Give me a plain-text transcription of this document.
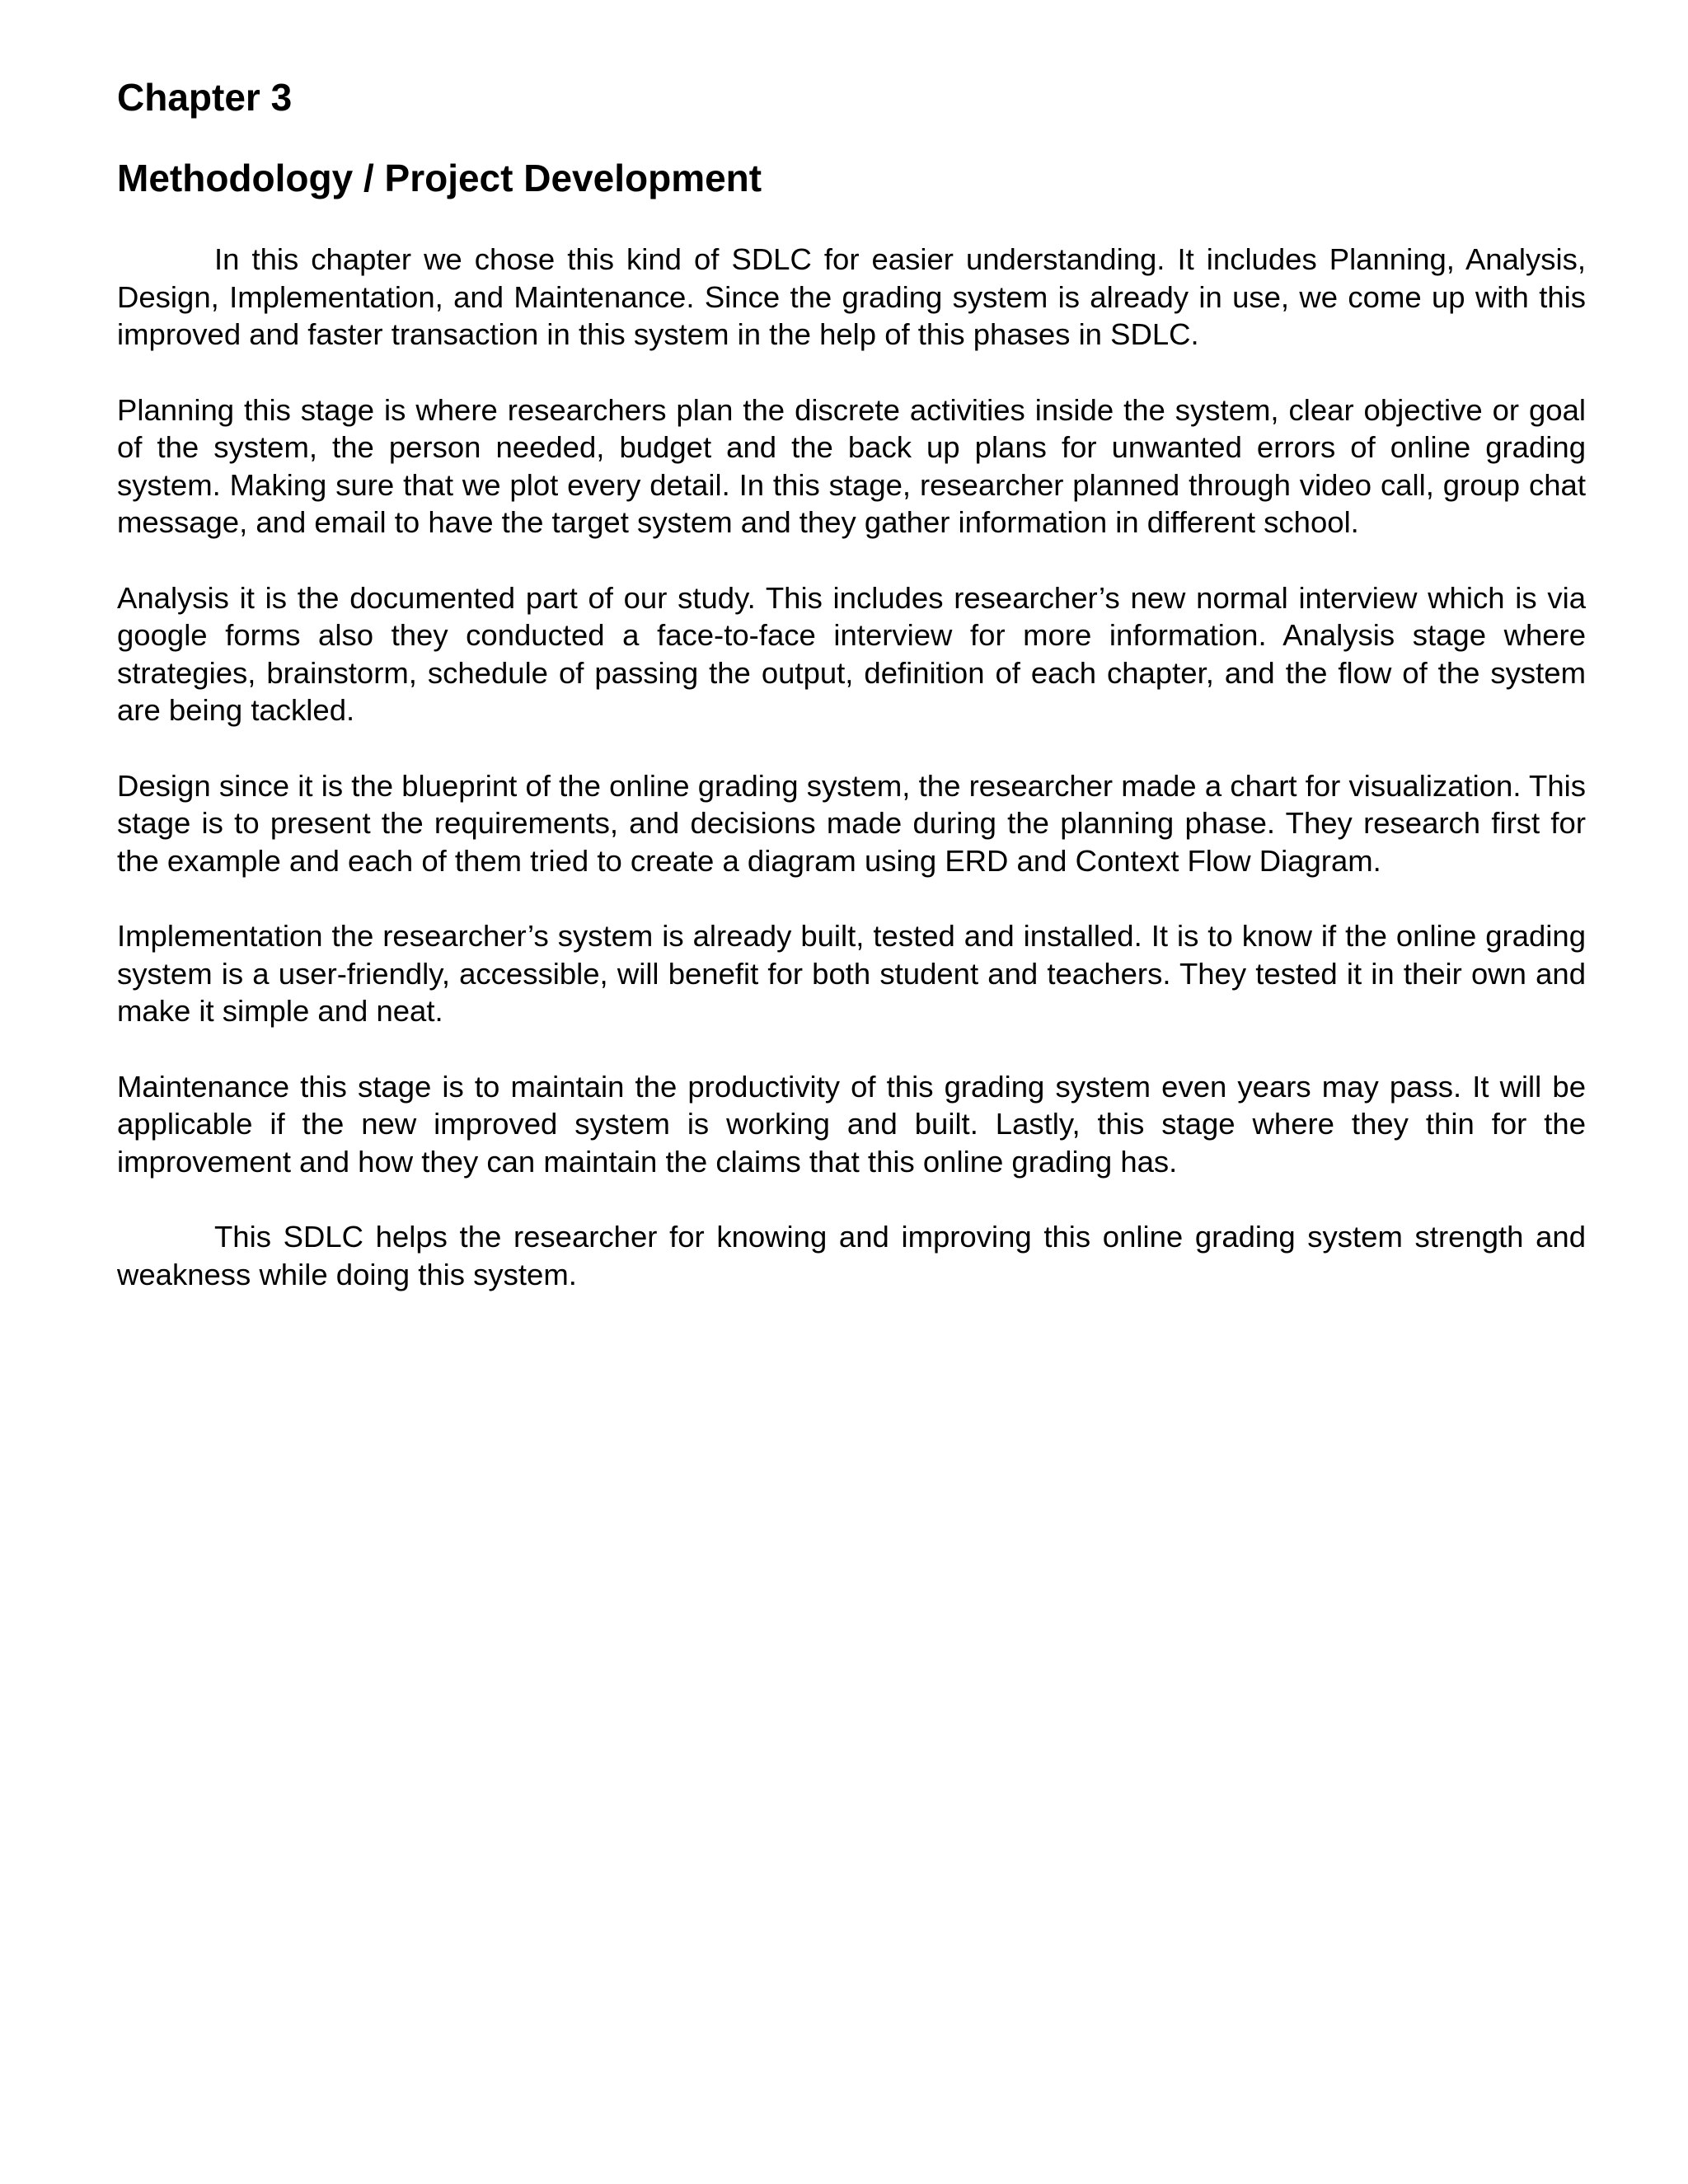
Chapter 3
Methodology / Project Development

In this chapter we chose this kind of SDLC for easier understanding. It includes Planning, Analysis, Design, Implementation, and Maintenance. Since the grading system is already in use, we come up with this improved and faster transaction in this system in the help of this phases in SDLC.

Planning this stage is where researchers plan the discrete activities inside the system, clear objective or goal of the system, the person needed, budget and the back up plans for unwanted errors of online grading system. Making sure that we plot every detail. In this stage, researcher planned through video call, group chat message, and email to have the target system and they gather information in different school.

Analysis it is the documented part of our study. This includes researcher’s new normal interview which is via google forms also they conducted a face-to-face interview for more information. Analysis stage where strategies, brainstorm, schedule of passing the output, definition of each chapter, and the flow of the system are being tackled.

Design since it is the blueprint of the online grading system, the researcher made a chart for visualization. This stage is to present the requirements, and decisions made during the planning phase. They research first for the example and each of them tried to create a diagram using ERD and Context Flow Diagram.

Implementation the researcher’s system is already built, tested and installed. It is to know if the online grading system is a user-friendly, accessible, will benefit for both student and teachers. They tested it in their own and make it simple and neat.

Maintenance this stage is to maintain the productivity of this grading system even years may pass. It will be applicable if the new improved system is working and built. Lastly, this stage where they thin for the improvement and how they can maintain the claims that this online grading has.

This SDLC helps the researcher for knowing and improving this online grading system strength and weakness while doing this system.
